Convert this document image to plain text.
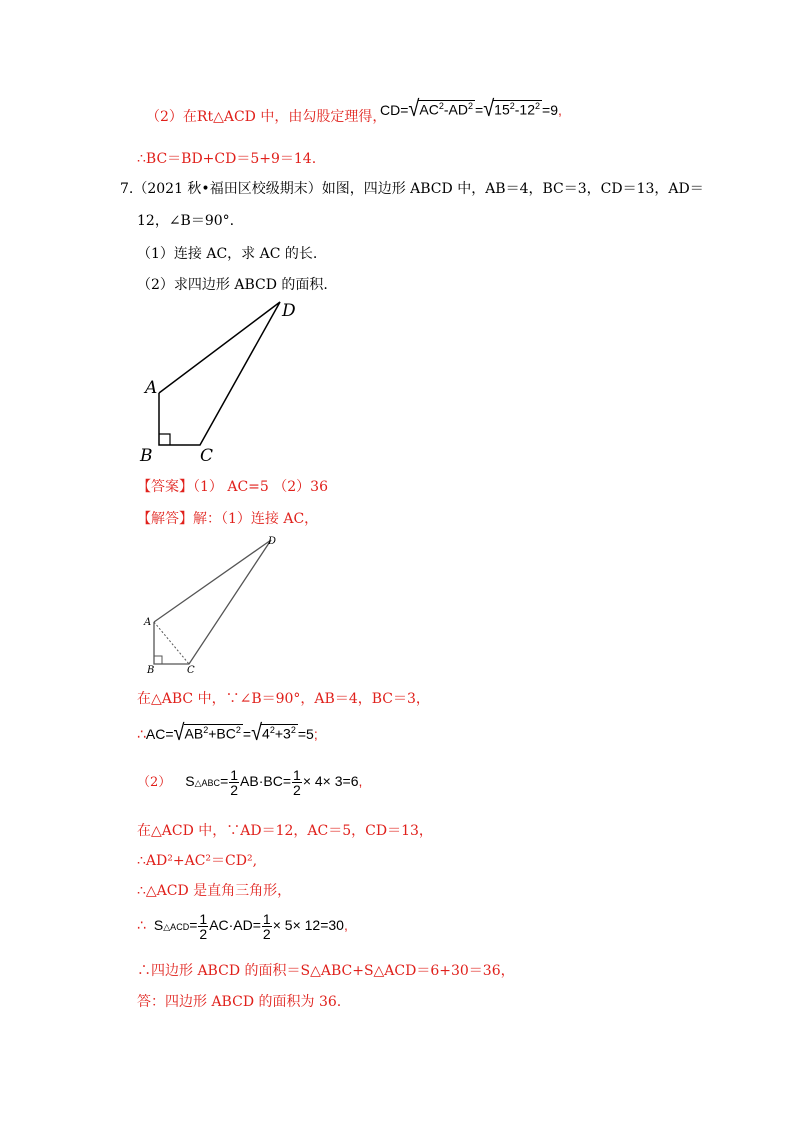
（2）在Rt△ACD 中，由勾股定理得，
$CD=√AC^2-AD^2 =√15^2-12^2 =9$,
∴BC＝BD+CD＝5+9＝14.
7.（2021 秋•福田区校级期末）如图，四边形 ABCD 中，AB＝4，BC＝3，CD＝13，AD＝
12，∠B＝90°.
（1）连接 AC，求 AC 的长.
（2）求四边形 ABCD 的面积.
A
B	C
D
【答案】（1） AC=5 （2）36
【解答】解：（1）连接 AC，
A
B	C
D
在△ABC 中，∵∠B＝90°，AB＝4，BC＝3，
$\therefore AC=√AB^2+BC^2 =√4^2+3^2 =5$;
（2） S△ABC= $\frac{1}{2} AB\cdot BC= \frac{1}{2} \times 4\times 3=6$,
在△ACD 中，∵AD＝12，AC＝5，CD＝13，
∴AD²+AC²＝CD²,
∴△ACD 是直角三角形，
∴ S△ACD= $\frac{1}{2} AC\cdot AD= \frac{1}{2} \times 5\times 12=30$,
∴四边形 ABCD 的面积＝S△ABC+S△ACD＝6+30＝36，
答：四边形 ABCD 的面积为 36.
